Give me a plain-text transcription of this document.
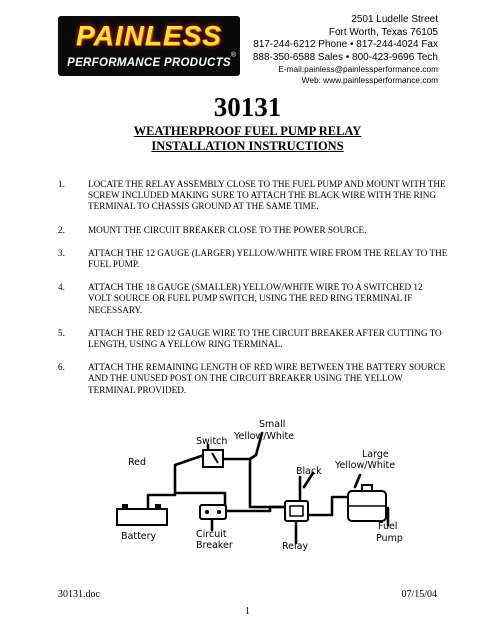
PAINLESS
PERFORMANCE PRODUCTS
®
2501 Ludelle Street
Fort Worth, Texas 76105
817-244-6212 Phone • 817-244-4024 Fax
888-350-6588 Sales • 800-423-9696 Tech
E-mail:painless@painlessperformance.com
Web: www.painlessperformance.com
30131
WEATHERPROOF FUEL PUMP RELAY
INSTALLATION INSTRUCTIONS
1.	LOCATE THE RELAY ASSEMBLY CLOSE TO THE FUEL PUMP AND MOUNT WITH THE SCREW INCLUDED MAKING SURE TO ATTACH THE BLACK WIRE WITH THE RING TERMINAL TO CHASSIS GROUND AT THE SAME TIME.
2.	MOUNT THE CIRCUIT BREAKER CLOSE TO THE POWER SOURCE.
3.	ATTACH THE 12 GAUGE (LARGER) YELLOW/WHITE WIRE FROM THE RELAY TO THE FUEL PUMP.
4.	ATTACH THE 18 GAUGE (SMALLER) YELLOW/WHITE WIRE TO A SWITCHED 12 VOLT SOURCE OR FUEL PUMP SWITCH, USING THE RED RING TERMINAL IF NECESSARY.
5.	ATTACH THE RED 12 GAUGE WIRE TO THE CIRCUIT BREAKER AFTER CUTTING TO LENGTH, USING A YELLOW RING TERMINAL.
6.	ATTACH THE REMAINING LENGTH OF RED WIRE BETWEEN THE BATTERY SOURCE AND THE UNUSED POST ON THE CIRCUIT BREAKER USING THE YELLOW TERMINAL PROVIDED.
Small
Yellow/White
Switch
Red
Black
Large
Yellow/White
Battery	Circuit
Breaker	Relay
Fuel
Pump
30131.doc	07/15/04
1
